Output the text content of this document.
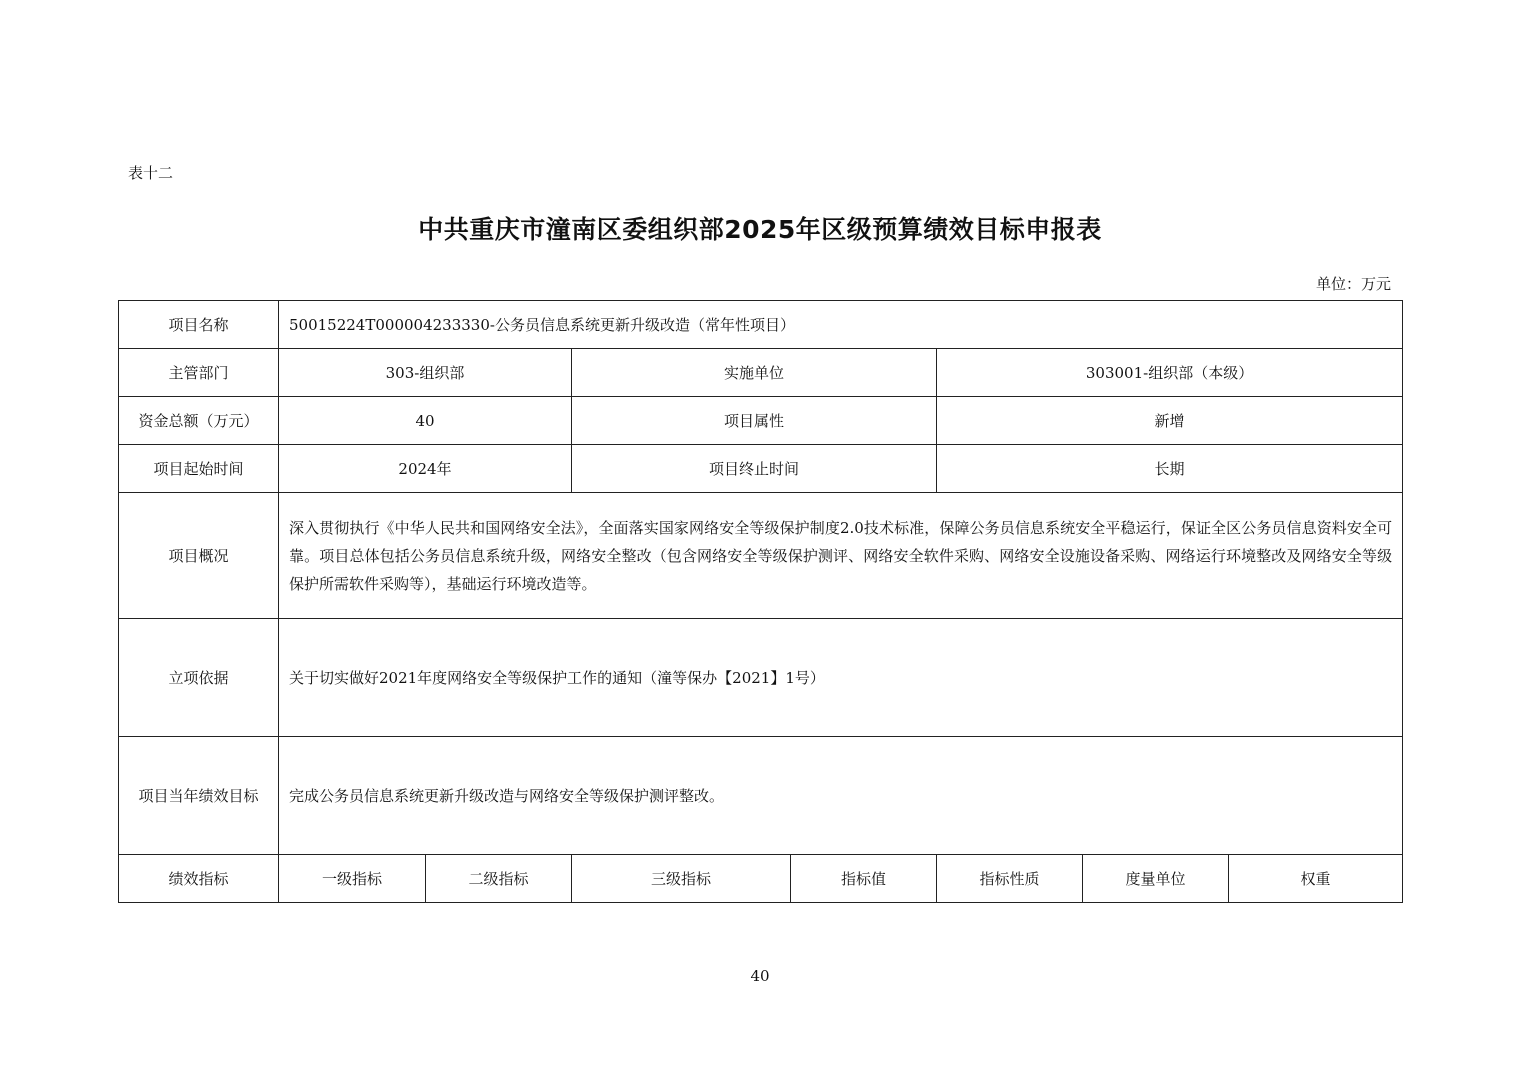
表十二
中共重庆市潼南区委组织部2025年区级预算绩效目标申报表
单位：万元
项目名称	50015224T000004233330-公务员信息系统更新升级改造（常年性项目）						
主管部门	303-组织部		实施单位		303001-组织部（本级）		
资金总额（万元）	40		项目属性		新增		
项目起始时间	2024年		项目终止时间		长期		
项目概况	深入贯彻执行《中华人民共和国网络安全法》，全面落实国家网络安全等级保护制度2.0技术标准，保障公务员信息系统安全平稳运行，保证全区公务员信息资料安全可靠。项目总体包括公务员信息系统升级，网络安全整改（包含网络安全等级保护测评、网络安全软件采购、网络安全设施设备采购、网络运行环境整改及网络安全等级保护所需软件采购等），基础运行环境改造等。						
立项依据	关于切实做好2021年度网络安全等级保护工作的通知（潼等保办【2021】1号）						
项目当年绩效目标	完成公务员信息系统更新升级改造与网络安全等级保护测评整改。						
绩效指标	一级指标	二级指标	三级指标	指标值	指标性质	度量单位	权重
40
